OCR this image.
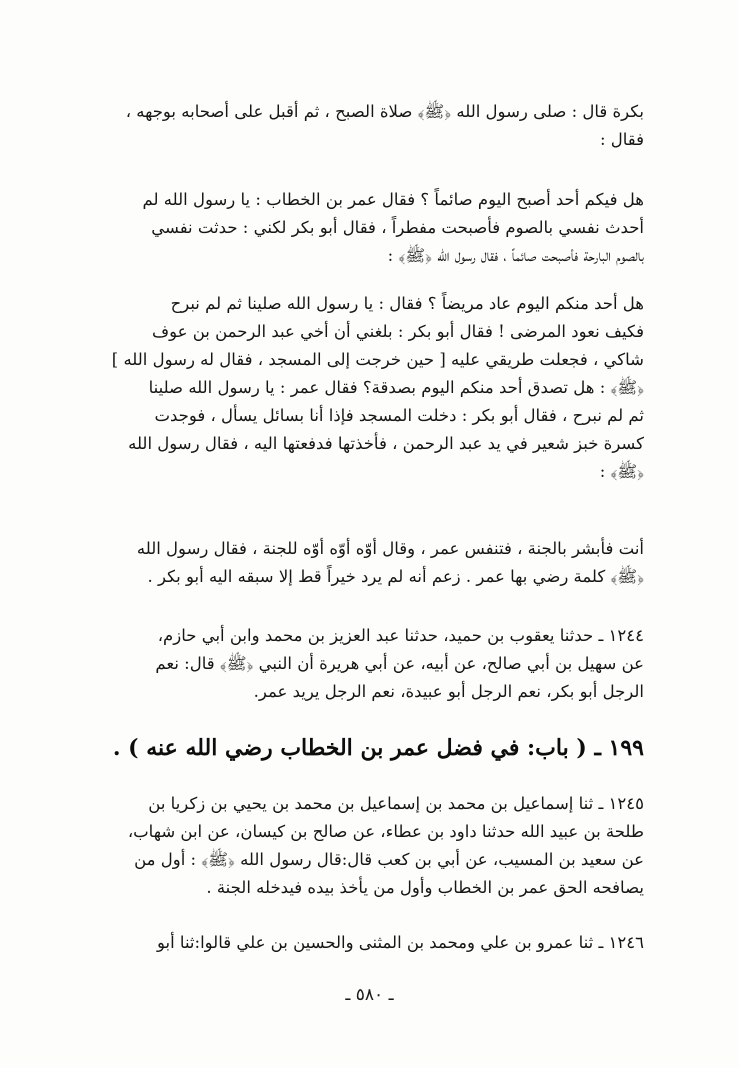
بكرة قال : صلى رسول الله ﴿ﷺ﴾ صلاة الصبح ، ثم أقبل على أصحابه بوجهه ،
فقال :
هل فيكم أحد أصبح اليوم صائماً ؟ فقال عمر بن الخطاب : يا رسول الله لم
أحدث نفسي بالصوم فأصبحت مفطراً ، فقال أبو بكر لكني : حدثت نفسي
بالصوم البارحة فأصبحت صائماً ، فقال رسول الله ﴿ﷺ﴾ :
هل أحد منكم اليوم عاد مريضاً ؟ فقال : يا رسول الله صلينا ثم لم نبرح
فكيف نعود المرضى ! فقال أبو بكر : بلغني أن أخي عبد الرحمن بن عوف
شاكي ، فجعلت طريقي عليه [ حين خرجت إلى المسجد ، فقال له رسول الله ]
﴿ﷺ﴾ : هل تصدق أحد منكم اليوم بصدقة؟ فقال عمر : يا رسول الله صلينا
ثم لم نبرح ، فقال أبو بكر : دخلت المسجد فإذا أنا بسائل يسأل ، فوجدت
كسرة خبز شعير في يد عبد الرحمن ، فأخذتها فدفعتها اليه ، فقال رسول الله
﴿ﷺ﴾ :
أنت فأبشر بالجنة ، فتنفس عمر ، وقال أوّه أوّه أوّه للجنة ، فقال رسول الله
﴿ﷺ﴾ كلمة رضي بها عمر . زعم أنه لم يرد خيراً قط إلا سبقه اليه أبو بكر .
١٢٤٤ ـ حدثنا يعقوب بن حميد، حدثنا عبد العزيز بن محمد وابن أبي حازم،
عن سهيل بن أبي صالح، عن أبيه، عن أبي هريرة أن النبي ﴿ﷺ﴾ قال: نعم
الرجل أبو بكر، نعم الرجل أبو عبيدة، نعم الرجل يريد عمر.
١٩٩ ـ ( باب: في فضل عمر بن الخطاب رضي الله عنه ) .
١٢٤٥ ـ ثنا إسماعيل بن محمد بن إسماعيل بن محمد بن يحيي بن زكريا بن
طلحة بن عبيد الله حدثنا داود بن عطاء، عن صالح بن كيسان، عن ابن شهاب،
عن سعيد بن المسيب، عن أبي بن كعب قال:قال رسول الله ﴿ﷺ﴾ : أول من
يصافحه الحق عمر بن الخطاب وأول من يأخذ بيده فيدخله الجنة .
١٢٤٦ ـ ثنا عمرو بن علي ومحمد بن المثنى والحسين بن علي قالوا:ثنا أبو
ـ ٥٨٠ ـ
